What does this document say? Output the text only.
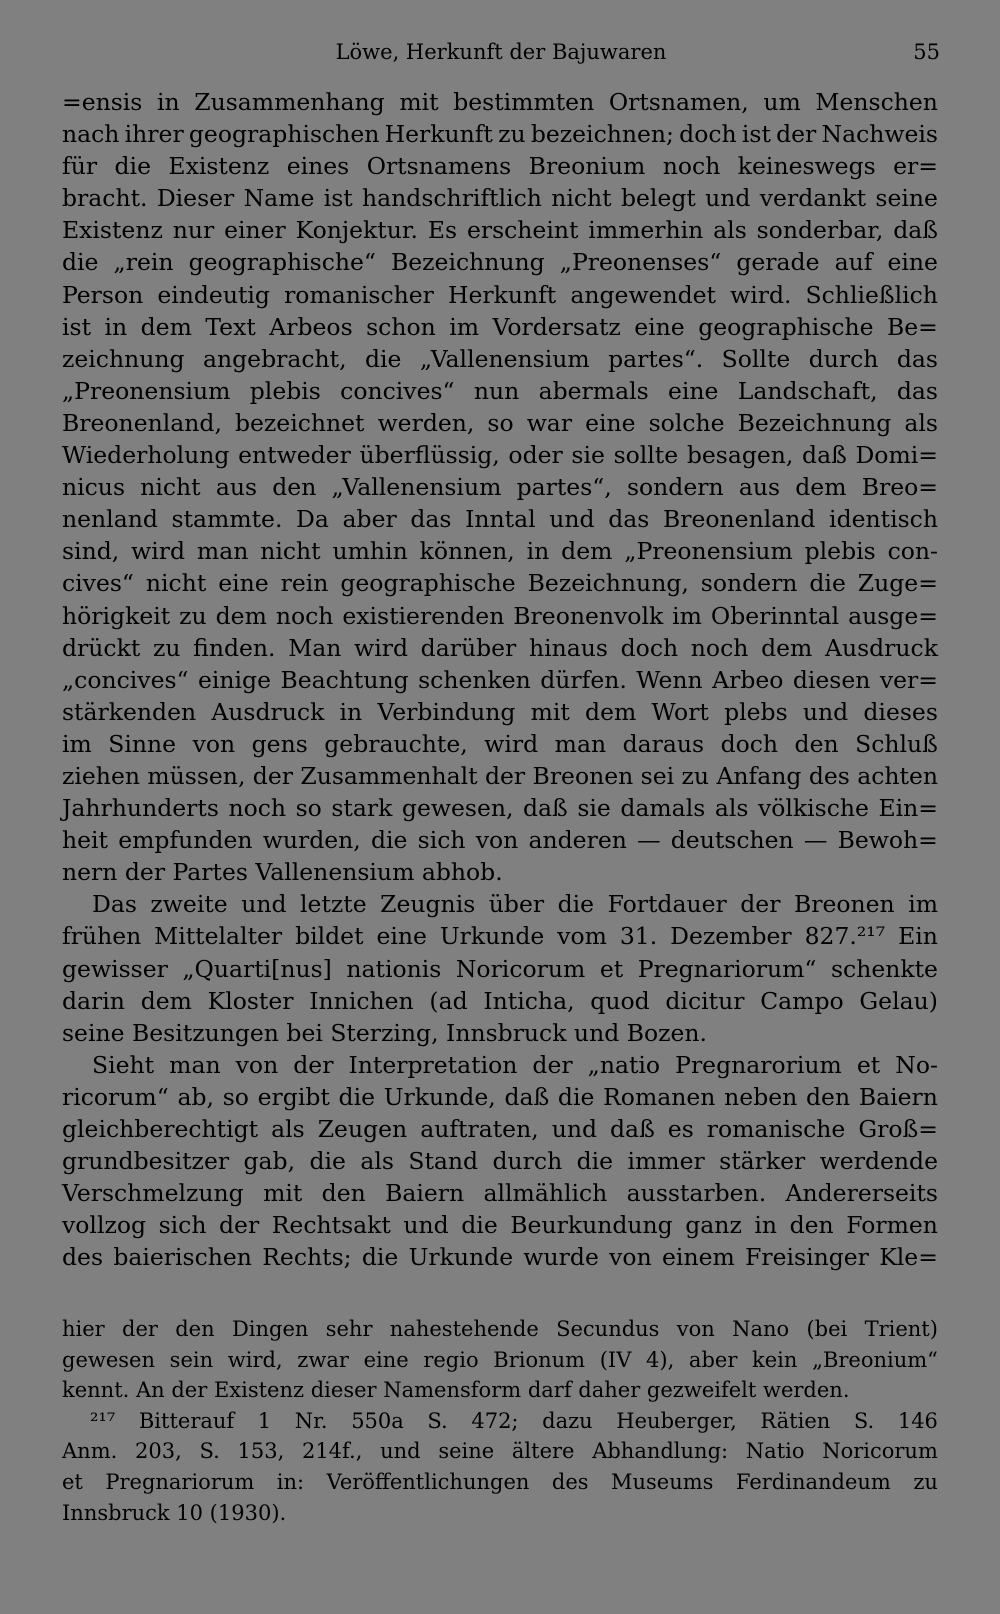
Löwe, Herkunft der Bajuwaren	55
=ensis in Zusammenhang mit bestimmten Ortsnamen, um Menschen
nach ihrer geographischen Herkunft zu bezeichnen; doch ist der Nachweis
für die Existenz eines Ortsnamens Breonium noch keineswegs er=
bracht. Dieser Name ist handschriftlich nicht belegt und verdankt seine
Existenz nur einer Konjektur. Es erscheint immerhin als sonderbar, daß
die „rein geographische“ Bezeichnung „Preonenses“ gerade auf eine
Person eindeutig romanischer Herkunft angewendet wird. Schließlich
ist in dem Text Arbeos schon im Vordersatz eine geographische Be=
zeichnung angebracht, die „Vallenensium partes“. Sollte durch das
„Preonensium plebis concives“ nun abermals eine Landschaft, das
Breonenland, bezeichnet werden, so war eine solche Bezeichnung als
Wiederholung entweder überflüssig, oder sie sollte besagen, daß Domi=
nicus nicht aus den „Vallenensium partes“, sondern aus dem Breo=
nenland stammte. Da aber das Inntal und das Breonenland identisch
sind, wird man nicht umhin können, in dem „Preonensium plebis con-
cives“ nicht eine rein geographische Bezeichnung, sondern die Zuge=
hörigkeit zu dem noch existierenden Breonenvolk im Oberinntal ausge=
drückt zu finden. Man wird darüber hinaus doch noch dem Ausdruck
„concives“ einige Beachtung schenken dürfen. Wenn Arbeo diesen ver=
stärkenden Ausdruck in Verbindung mit dem Wort plebs und dieses
im Sinne von gens gebrauchte, wird man daraus doch den Schluß
ziehen müssen, der Zusammenhalt der Breonen sei zu Anfang des achten
Jahrhunderts noch so stark gewesen, daß sie damals als völkische Ein=
heit empfunden wurden, die sich von anderen — deutschen — Bewoh=
nern der Partes Vallenensium abhob.
Das zweite und letzte Zeugnis über die Fortdauer der Breonen im
frühen Mittelalter bildet eine Urkunde vom 31. Dezember 827.²¹⁷ Ein
gewisser „Quarti[nus] nationis Noricorum et Pregnariorum“ schenkte
darin dem Kloster Innichen (ad Inticha, quod dicitur Campo Gelau)
seine Besitzungen bei Sterzing, Innsbruck und Bozen.
Sieht man von der Interpretation der „natio Pregnarorium et No-
ricorum“ ab, so ergibt die Urkunde, daß die Romanen neben den Baiern
gleichberechtigt als Zeugen auftraten, und daß es romanische Groß=
grundbesitzer gab, die als Stand durch die immer stärker werdende
Verschmelzung mit den Baiern allmählich ausstarben. Andererseits
vollzog sich der Rechtsakt und die Beurkundung ganz in den Formen
des baierischen Rechts; die Urkunde wurde von einem Freisinger Kle=
hier der den Dingen sehr nahestehende Secundus von Nano (bei Trient)
gewesen sein wird, zwar eine regio Brionum (IV 4), aber kein „Breonium“
kennt. An der Existenz dieser Namensform darf daher gezweifelt werden.
²¹⁷ Bitterauf 1 Nr. 550a S. 472; dazu Heuberger, Rätien S. 146
Anm. 203, S. 153, 214f., und seine ältere Abhandlung: Natio Noricorum
et Pregnariorum in: Veröffentlichungen des Museums Ferdinandeum zu
Innsbruck 10 (1930).
